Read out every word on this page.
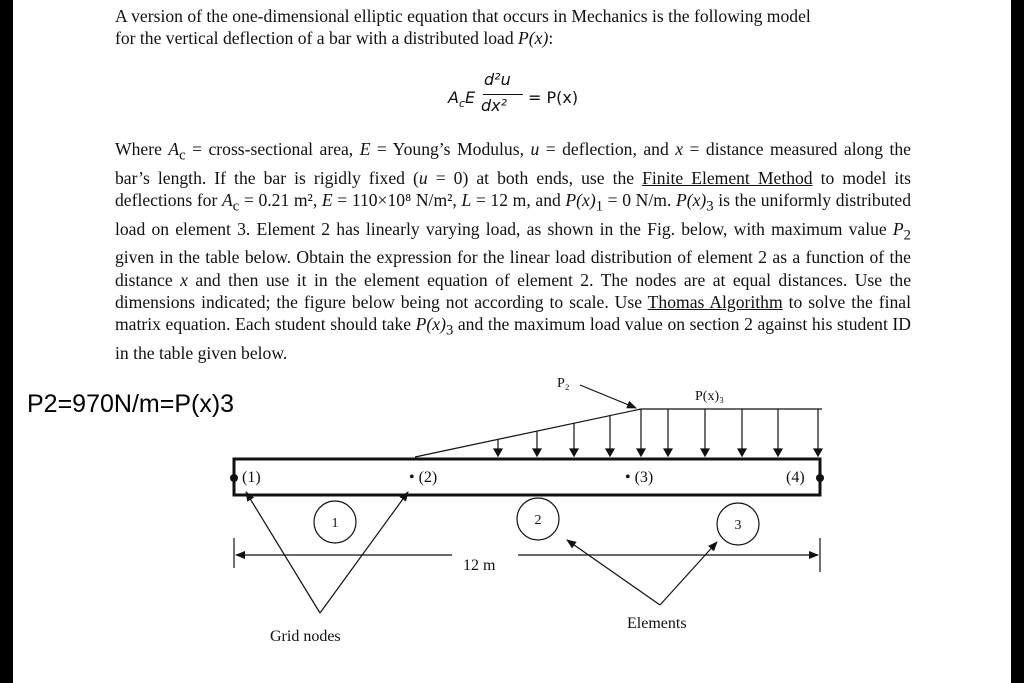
A version of the one-dimensional elliptic equation that occurs in Mechanics is the following model
for the vertical deflection of a bar with a distributed load P(x):

$A_cE$
d²u
dx² = P(x)

Where $A_c$ = cross-sectional area, E = Young’s Modulus, u = deflection, and x = distance measured along the bar’s length. If the bar is rigidly fixed (u = 0) at both ends, use the Finite Element Method to model its deflections for $A_c = 0.21$ m², E = 110×10⁸ N/m², L = 12 m, and $P(x)_1 = 0$ N/m. $P(x)_3$ is the uniformly distributed load on element 3. Element 2 has linearly varying load, as shown in the Fig. below, with maximum value $P_2$ given in the table below. Obtain the expression for the linear load distribution of element 2 as a function of the distance x and then use it in the element equation of element 2. The nodes are at equal distances. Use the dimensions indicated; the figure below being not according to scale. Use Thomas Algorithm to solve the final matrix equation. Each student should take $P(x)_3$ and the maximum load value on section 2 against his student ID in the table given below.

P2=970N/m=P(x)3
P₂
P(x)₃
(1)	• (2)	• (3)	(4)
1	2	3
Grid nodes
Elements
12 m
